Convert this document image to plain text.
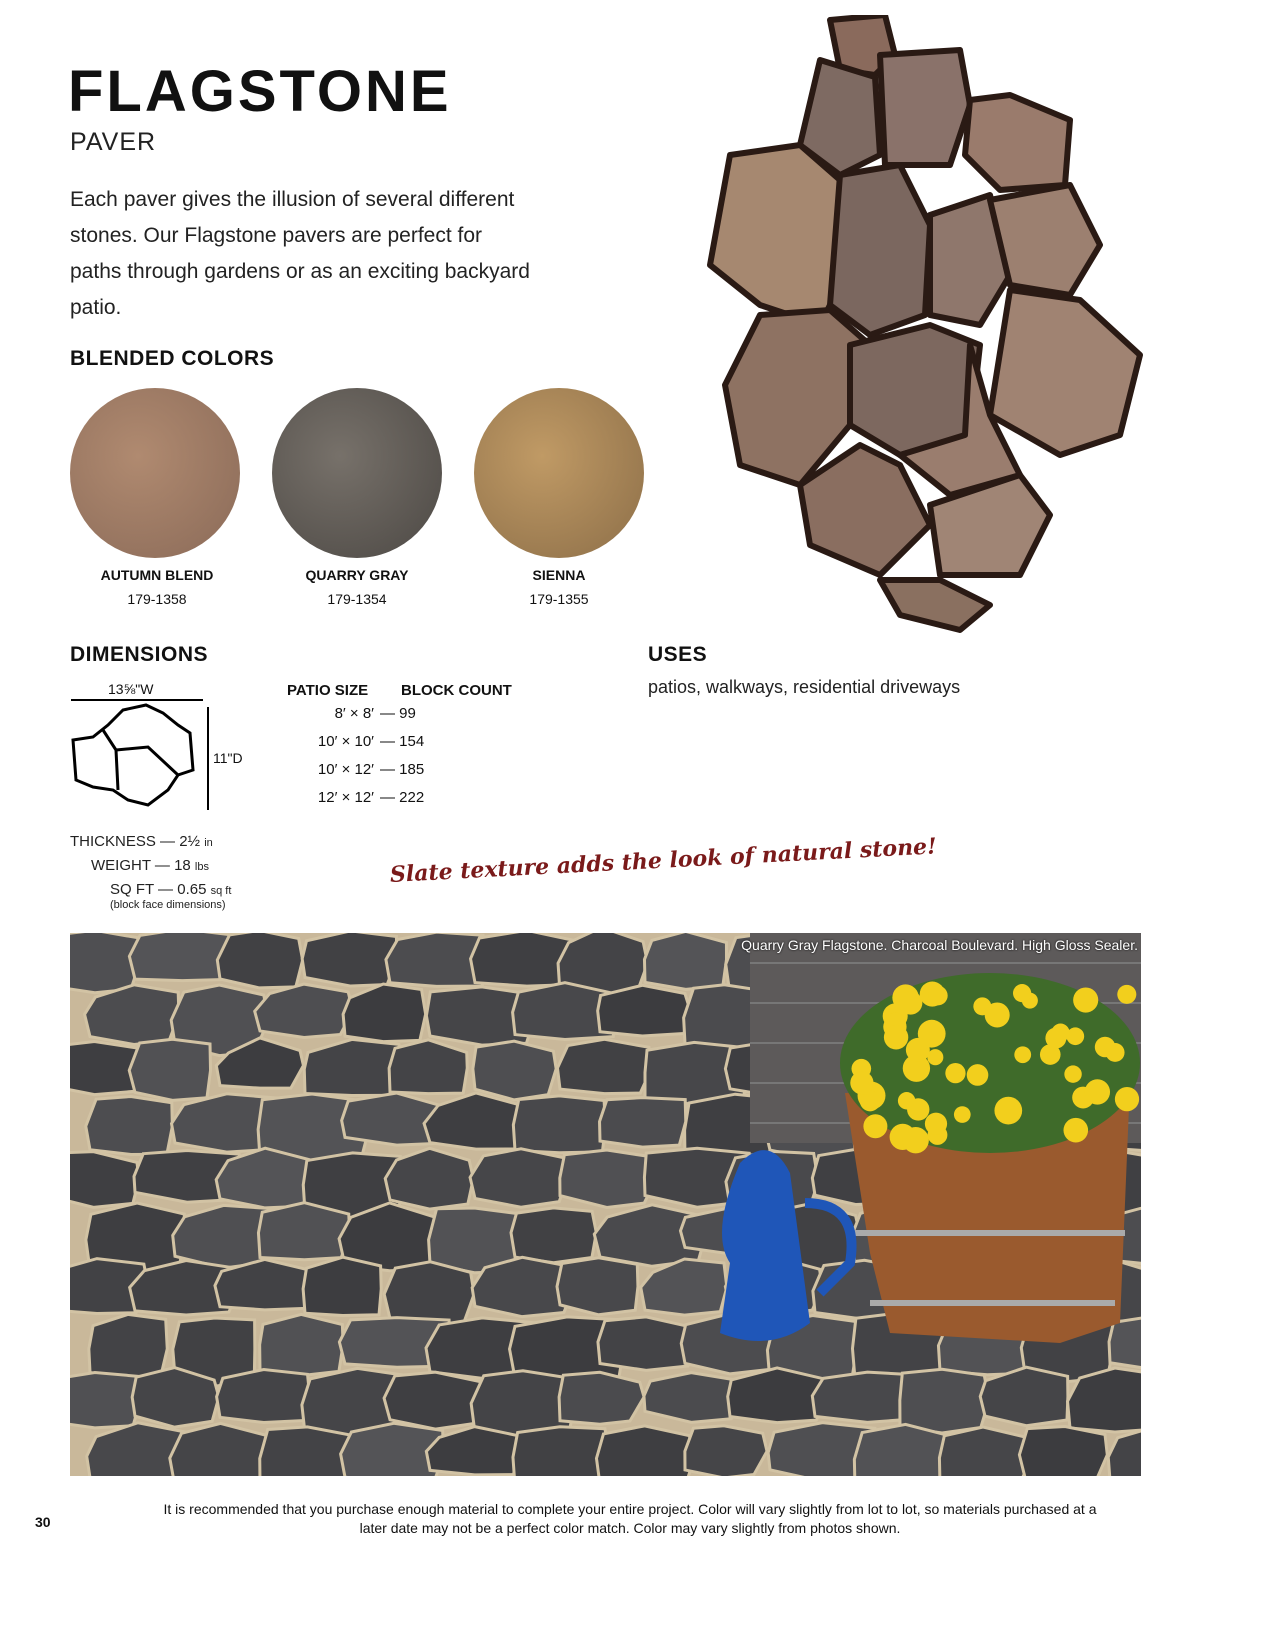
FLAGSTONE
PAVER
Each paver gives the illusion of several different stones. Our Flagstone pavers are perfect for paths through gardens or as an exciting backyard patio.
BLENDED COLORS
AUTUMN BLEND
179-1358
QUARRY GRAY
179-1354
SIENNA
179-1355
DIMENSIONS
13⅝"W
11"D
PATIO SIZE BLOCK COUNT
8′ × 8′ — 99
10′ × 10′ — 154
10′ × 12′ — 185
12′ × 12′ — 222
THICKNESS — 2½ in
WEIGHT — 18 lbs
SQ FT — 0.65 sq ft
(block face dimensions)
USES
patios, walkways, residential driveways
Slate texture adds the look of natural stone!
Quarry Gray Flagstone. Charcoal Boulevard. High Gloss Sealer.
30
It is recommended that you purchase enough material to complete your entire project. Color will vary slightly from lot to lot, so materials purchased at a later date may not be a perfect color match. Color may vary slightly from photos shown.
